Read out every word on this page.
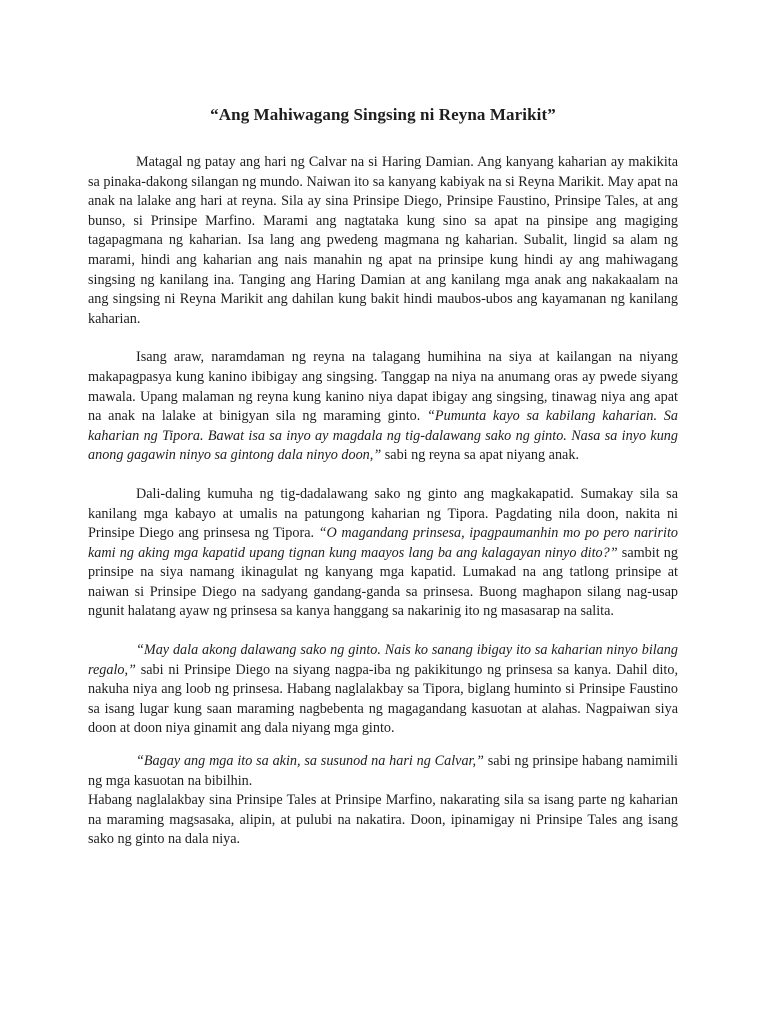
“Ang Mahiwagang Singsing ni Reyna Marikit”

Matagal ng patay ang hari ng Calvar na si Haring Damian. Ang kanyang kaharian ay makikita sa pinaka-dakong silangan ng mundo. Naiwan ito sa kanyang kabiyak na si Reyna Marikit. May apat na anak na lalake ang hari at reyna. Sila ay sina Prinsipe Diego, Prinsipe Faustino, Prinsipe Tales, at ang bunso, si Prinsipe Marfino. Marami ang nagtataka kung sino sa apat na pinsipe ang magiging tagapagmana ng kaharian. Isa lang ang pwedeng magmana ng kaharian. Subalit, lingid sa alam ng marami, hindi ang kaharian ang nais manahin ng apat na prinsipe kung hindi ay ang mahiwagang singsing ng kanilang ina. Tanging ang Haring Damian at ang kanilang mga anak ang nakakaalam na ang singsing ni Reyna Marikit ang dahilan kung bakit hindi maubos-ubos ang kayamanan ng kanilang kaharian.

Isang araw, naramdaman ng reyna na talagang humihina na siya at kailangan na niyang makapagpasya kung kanino ibibigay ang singsing. Tanggap na niya na anumang oras ay pwede siyang mawala. Upang malaman ng reyna kung kanino niya dapat ibigay ang singsing, tinawag niya ang apat na anak na lalake at binigyan sila ng maraming ginto. “Pumunta kayo sa kabilang kaharian. Sa kaharian ng Tipora. Bawat isa sa inyo ay magdala ng tig-dalawang sako ng ginto. Nasa sa inyo kung anong gagawin ninyo sa gintong dala ninyo doon,” sabi ng reyna sa apat niyang anak.

Dali-daling kumuha ng tig-dadalawang sako ng ginto ang magkakapatid. Sumakay sila sa kanilang mga kabayo at umalis na patungong kaharian ng Tipora. Pagdating nila doon, nakita ni Prinsipe Diego ang prinsesa ng Tipora. “O magandang prinsesa, ipagpaumanhin mo po pero naririto kami ng aking mga kapatid upang tignan kung maayos lang ba ang kalagayan ninyo dito?” sambit ng prinsipe na siya namang ikinagulat ng kanyang mga kapatid. Lumakad na ang tatlong prinsipe at naiwan si Prinsipe Diego na sadyang gandang-ganda sa prinsesa. Buong maghapon silang nag-usap ngunit halatang ayaw ng prinsesa sa kanya hanggang sa nakarinig ito ng masasarap na salita.

“May dala akong dalawang sako ng ginto. Nais ko sanang ibigay ito sa kaharian ninyo bilang regalo,” sabi ni Prinsipe Diego na siyang nagpa-iba ng pakikitungo ng prinsesa sa kanya. Dahil dito, nakuha niya ang loob ng prinsesa. Habang naglalakbay sa Tipora, biglang huminto si Prinsipe Faustino sa isang lugar kung saan maraming nagbebenta ng magagandang kasuotan at alahas. Nagpaiwan siya doon at doon niya ginamit ang dala niyang mga ginto.

“Bagay ang mga ito sa akin, sa susunod na hari ng Calvar,” sabi ng prinsipe habang namimili ng mga kasuotan na bibilhin.

Habang naglalakbay sina Prinsipe Tales at Prinsipe Marfino, nakarating sila sa isang parte ng kaharian na maraming magsasaka, alipin, at pulubi na nakatira. Doon, ipinamigay ni Prinsipe Tales ang isang sako ng ginto na dala niya.
